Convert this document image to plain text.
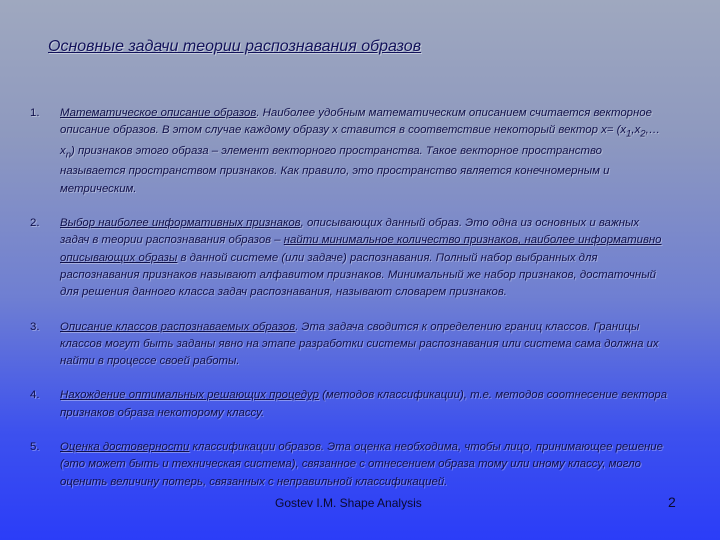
Основные задачи теории распознавания образов
1. Математическое описание образов. Наиболее удобным математическим описанием считается векторное описание образов. В этом случае каждому образу x ставится в соответствие некоторый вектор $x= (x_1,x_2,\dots x_n)$ признаков этого образа – элемент векторного пространства. Такое векторное пространство называется пространством признаков. Как правило, это пространство является конечномерным и метрическим.
2. Выбор наиболее информативных признаков, описывающих данный образ. Это одна из основных и важных задач в теории распознавания образов – найти минимальное количество признаков, наиболее информативно описывающих образы в данной системе (или задаче) распознавания. Полный набор выбранных для распознавания признаков называют алфавитом признаков. Минимальный же набор признаков, достаточный для решения данного класса задач распознавания, называют словарем признаков.
3. Описание классов распознаваемых образов. Эта задача сводится к определению границ классов. Границы классов могут быть заданы явно на этапе разработки системы распознавания или система сама должна их найти в процессе своей работы.
4. Нахождение оптимальных решающих процедур (методов классификации), т.е. методов соотнесение вектора признаков образа некоторому классу.
5. Оценка достоверности классификации образов. Эта оценка необходима, чтобы лицо, принимающее решение (это может быть и техническая система), связанное с отнесением образа тому или иному классу, могло оценить величину потерь, связанных с неправильной классификацией.
Gostev I.M. Shape Analysis	2
